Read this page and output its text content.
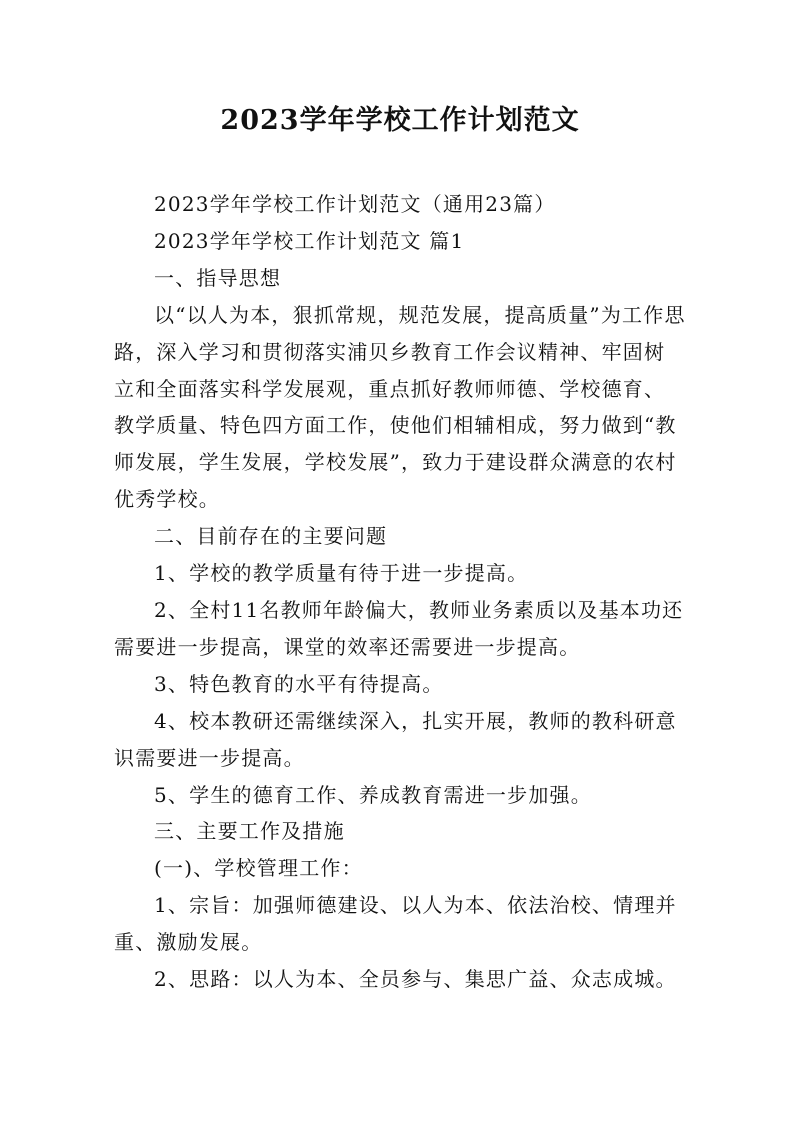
2023学年学校工作计划范文

2023学年学校工作计划范文（通用23篇）

2023学年学校工作计划范文 篇1

一、指导思想

以“以人为本，狠抓常规，规范发展，提高质量”为工作思路，深入学习和贯彻落实浦贝乡教育工作会议精神、牢固树立和全面落实科学发展观，重点抓好教师师德、学校德育、教学质量、特色四方面工作，使他们相辅相成，努力做到“教师发展，学生发展，学校发展”，致力于建设群众满意的农村优秀学校。

二、目前存在的主要问题

1、学校的教学质量有待于进一步提高。

2、全村11名教师年龄偏大，教师业务素质以及基本功还需要进一步提高，课堂的效率还需要进一步提高。

3、特色教育的水平有待提高。

4、校本教研还需继续深入，扎实开展，教师的教科研意识需要进一步提高。

5、学生的德育工作、养成教育需进一步加强。

三、主要工作及措施

(一)、学校管理工作：

1、宗旨：加强师德建设、以人为本、依法治校、情理并重、激励发展。

2、思路：以人为本、全员参与、集思广益、众志成城。
